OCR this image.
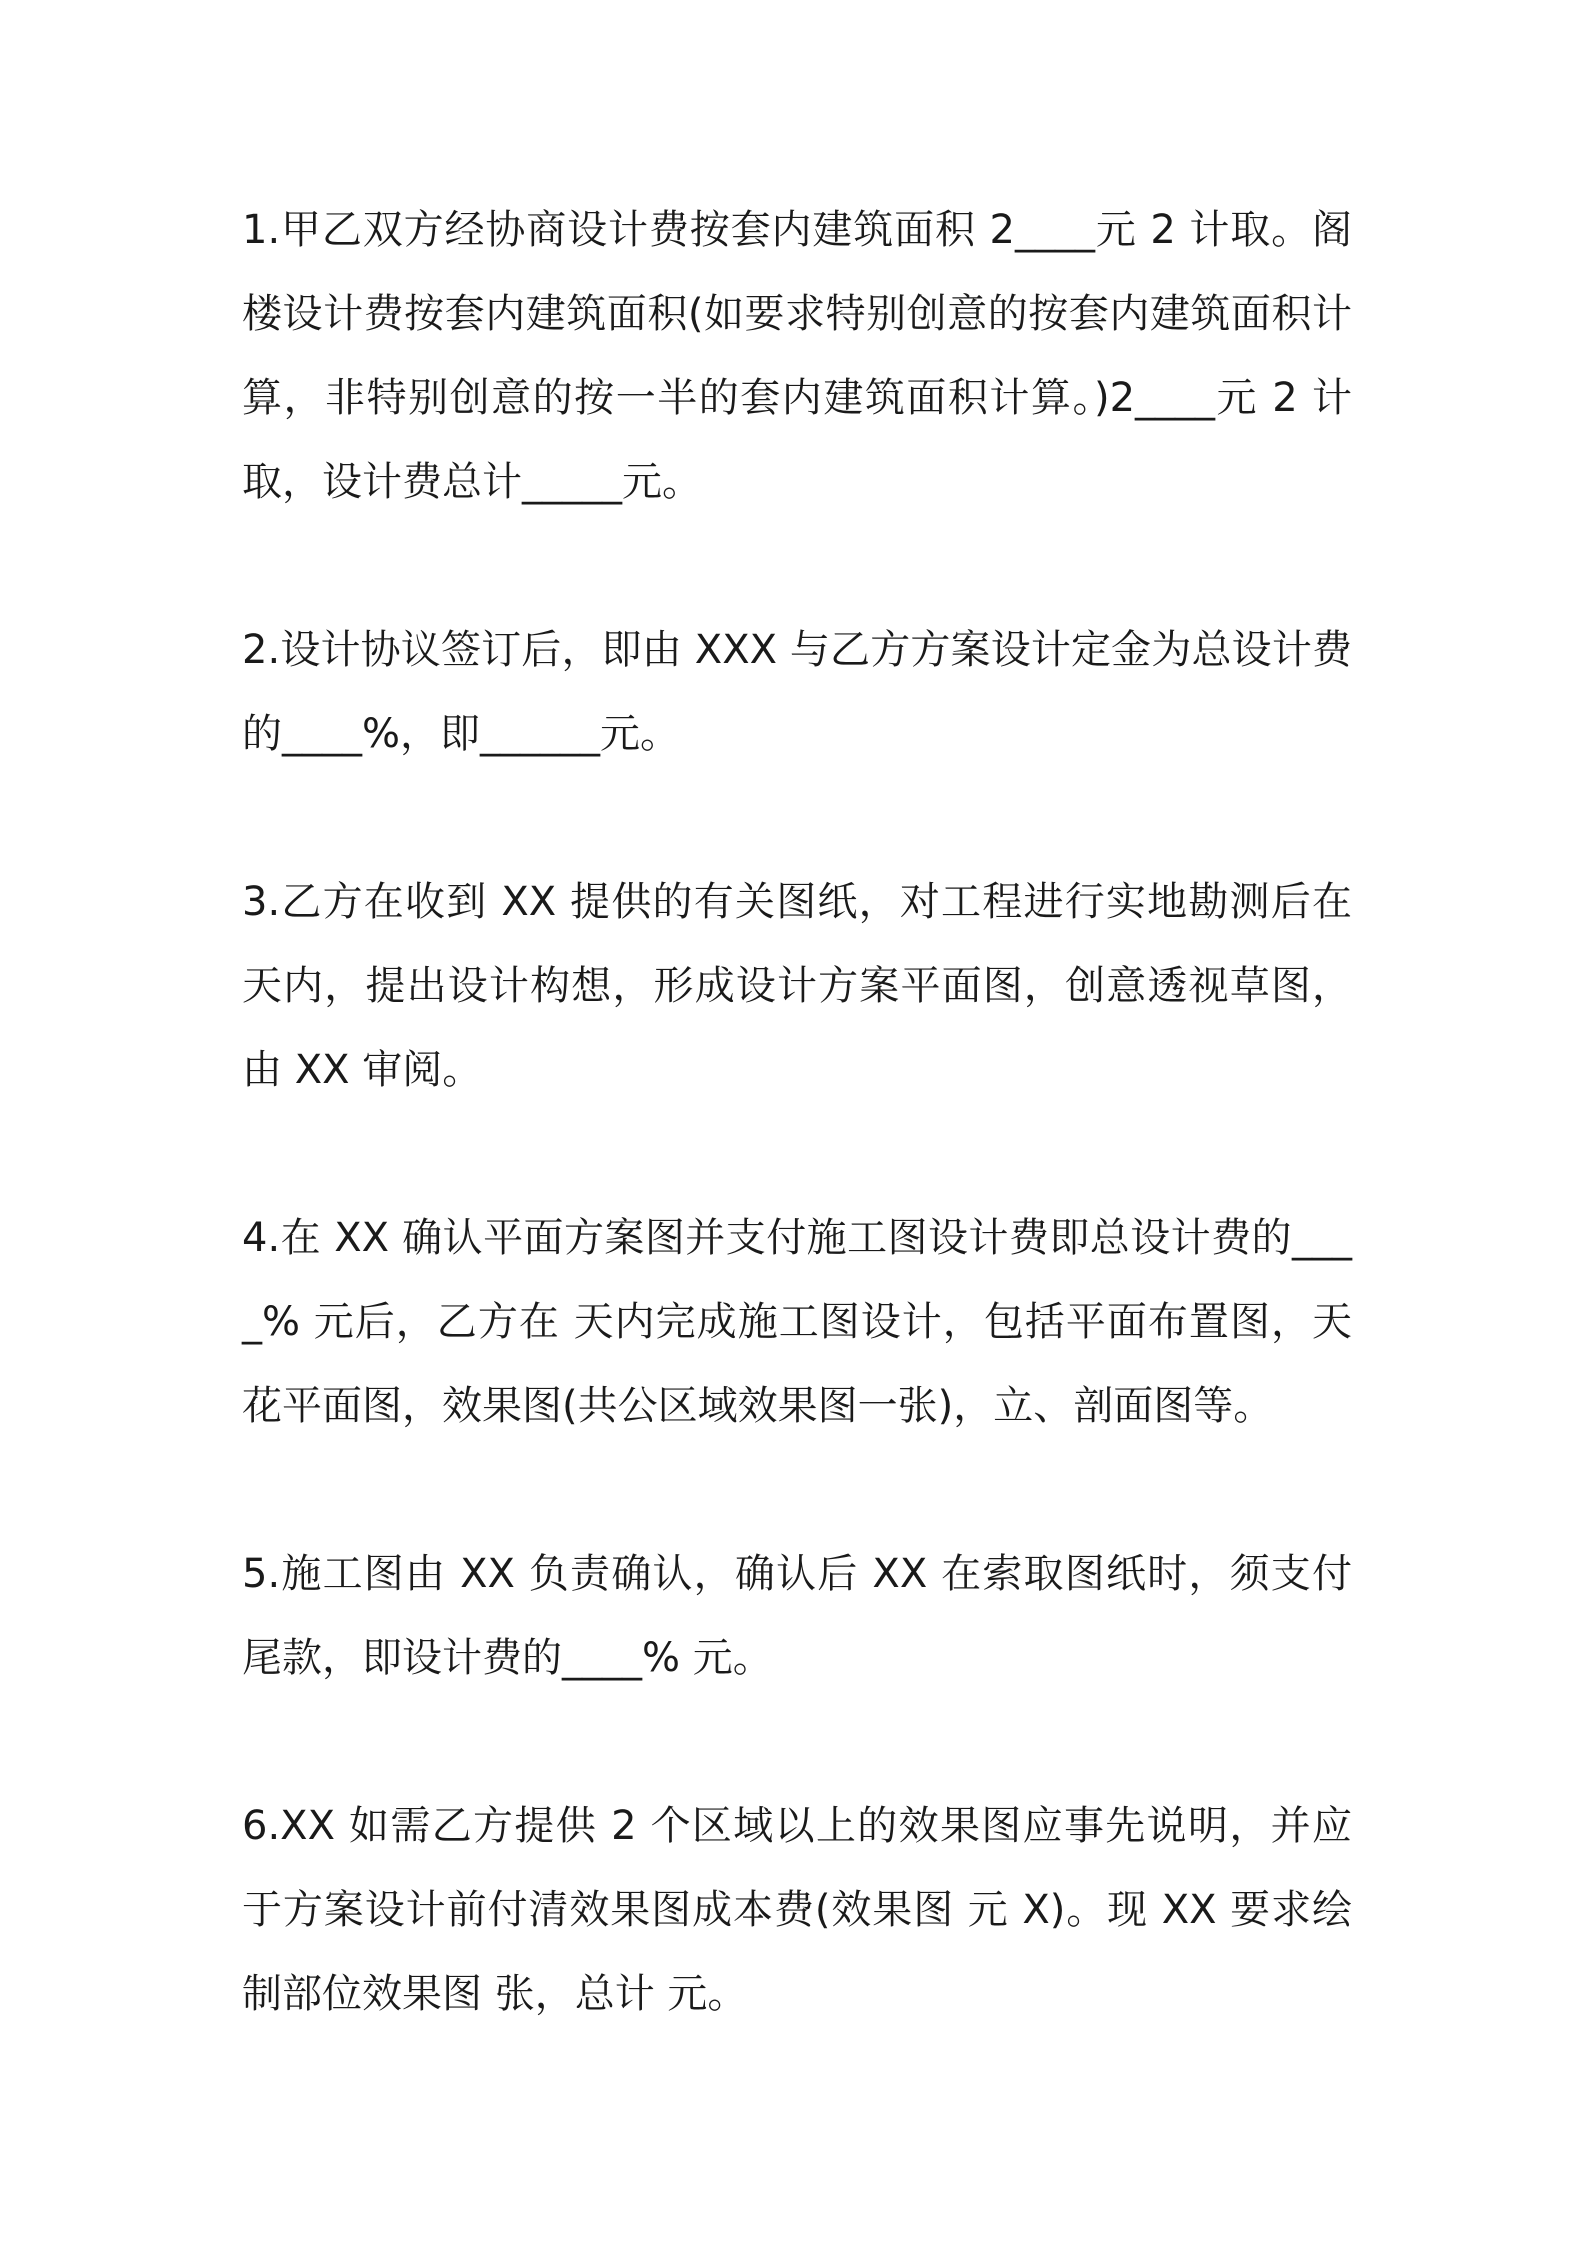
1.甲乙双方经协商设计费按套内建筑面积 2____元 2 计取。阁楼设计费按套内建筑面积(如要求特别创意的按套内建筑面积计算，非特别创意的按一半的套内建筑面积计算。)2____元 2 计取，设计费总计_____元。

2.设计协议签订后，即由 XXX 与乙方方案设计定金为总设计费的____%，即______元。

3.乙方在收到 XX 提供的有关图纸，对工程进行实地勘测后在 天内，提出设计构想，形成设计方案平面图，创意透视草图，由 XX 审阅。

4.在 XX 确认平面方案图并支付施工图设计费即总设计费的____% 元后，乙方在 天内完成施工图设计，包括平面布置图，天花平面图，效果图(共公区域效果图一张)，立、剖面图等。

5.施工图由 XX 负责确认，确认后 XX 在索取图纸时，须支付尾款，即设计费的____% 元。

6.XX 如需乙方提供 2 个区域以上的效果图应事先说明，并应于方案设计前付清效果图成本费(效果图 元 X)。现 XX 要求绘制部位效果图 张，总计 元。
